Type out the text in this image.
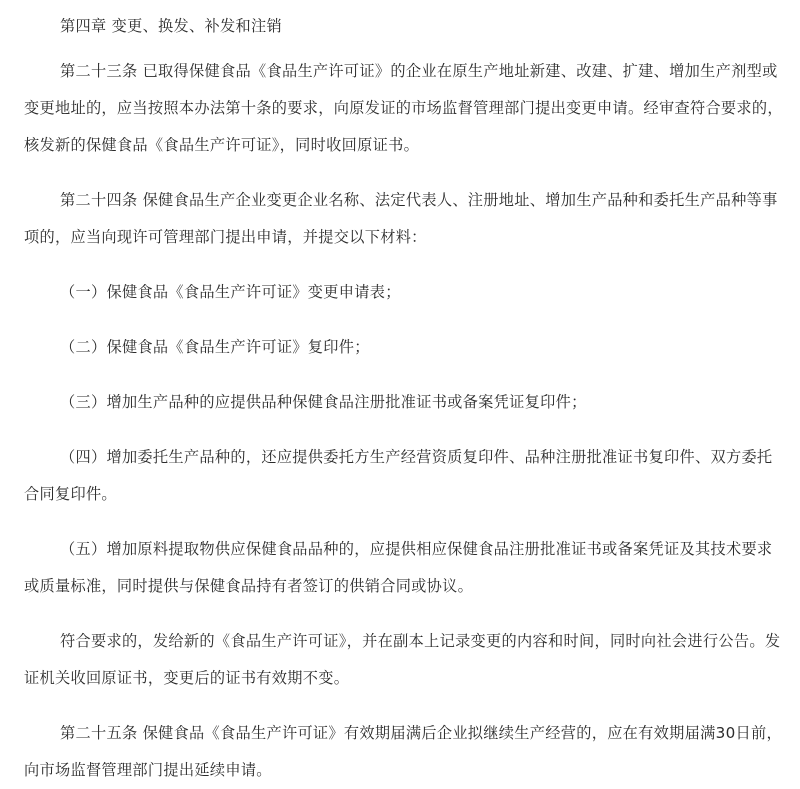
第四章 变更、换发、补发和注销

第二十三条 已取得保健食品《食品生产许可证》的企业在原生产地址新建、改建、扩建、增加生产剂型或变更地址的，应当按照本办法第十条的要求，向原发证的市场监督管理部门提出变更申请。经审查符合要求的，核发新的保健食品《食品生产许可证》，同时收回原证书。

第二十四条 保健食品生产企业变更企业名称、法定代表人、注册地址、增加生产品种和委托生产品种等事项的，应当向现许可管理部门提出申请，并提交以下材料：

（一）保健食品《食品生产许可证》变更申请表；

（二）保健食品《食品生产许可证》复印件；

（三）增加生产品种的应提供品种保健食品注册批准证书或备案凭证复印件；

（四）增加委托生产品种的，还应提供委托方生产经营资质复印件、品种注册批准证书复印件、双方委托合同复印件。

（五）增加原料提取物供应保健食品品种的，应提供相应保健食品注册批准证书或备案凭证及其技术要求或质量标准，同时提供与保健食品持有者签订的供销合同或协议。

符合要求的，发给新的《食品生产许可证》，并在副本上记录变更的内容和时间，同时向社会进行公告。发证机关收回原证书，变更后的证书有效期不变。

第二十五条 保健食品《食品生产许可证》有效期届满后企业拟继续生产经营的，应在有效期届满30日前，向市场监督管理部门提出延续申请。
